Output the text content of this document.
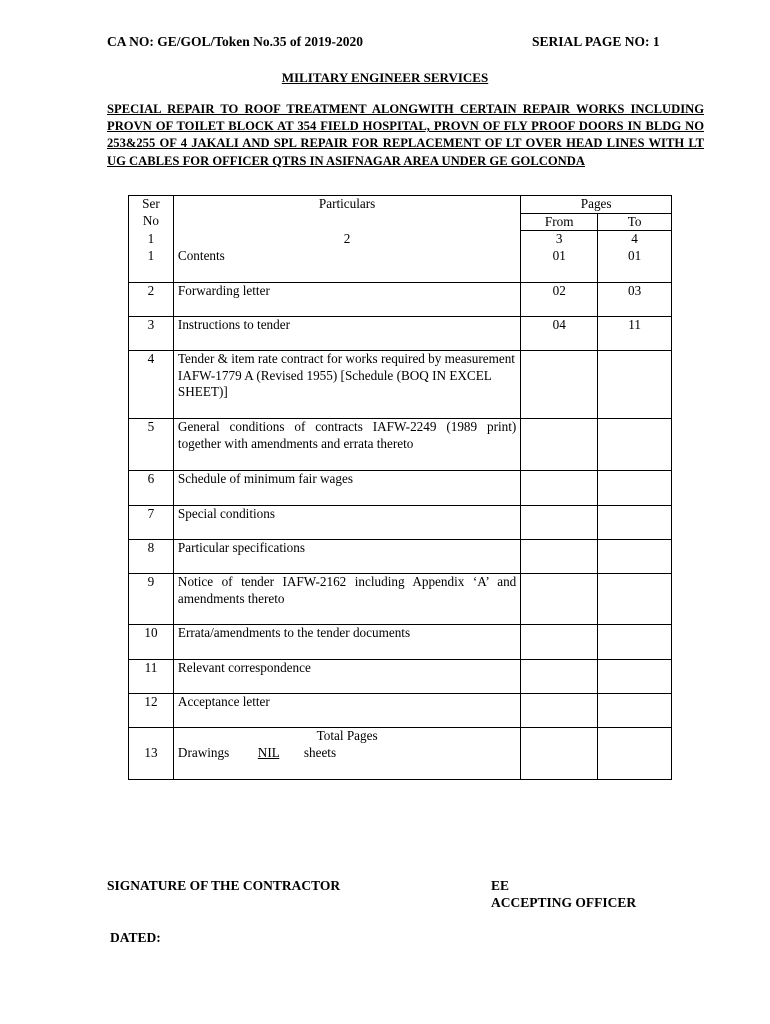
CA NO: GE/GOL/Token No.35 of 2019-2020	SERIAL PAGE NO: 1
MILITARY ENGINEER SERVICES
SPECIAL REPAIR TO ROOF TREATMENT ALONGWITH CERTAIN REPAIR WORKS INCLUDING PROVN OF TOILET BLOCK AT 354 FIELD HOSPITAL, PROVN OF FLY PROOF DOORS IN BLDG NO 253&255 OF 4 JAKALI AND SPL REPAIR FOR REPLACEMENT OF LT OVER HEAD LINES WITH LT UG CABLES FOR OFFICER QTRS IN ASIFNAGAR AREA UNDER GE GOLCONDA
Ser
No	Particulars	Pages	
		From	To
1	2	3	4
1	Contents	01	01
2	Forwarding letter	02	03
3	Instructions to tender	04	11
4	Tender & item rate contract for works required by measurement IAFW-1779 A (Revised 1955) [Schedule (BOQ IN EXCEL SHEET)]		
5	General conditions of contracts IAFW-2249 (1989 print) together with amendments and errata thereto		
6	Schedule of minimum fair wages		
7	Special conditions		
8	Particular specifications		
9	Notice of tender IAFW-2162 including Appendix ‘A’ and amendments thereto		
10	Errata/amendments to the tender documents		
11	Relevant correspondence		
12	Acceptance letter		
13	Total Pages
Drawings NIL sheets		

SIGNATURE OF THE CONTRACTOR	EE
ACCEPTING OFFICER
DATED:
